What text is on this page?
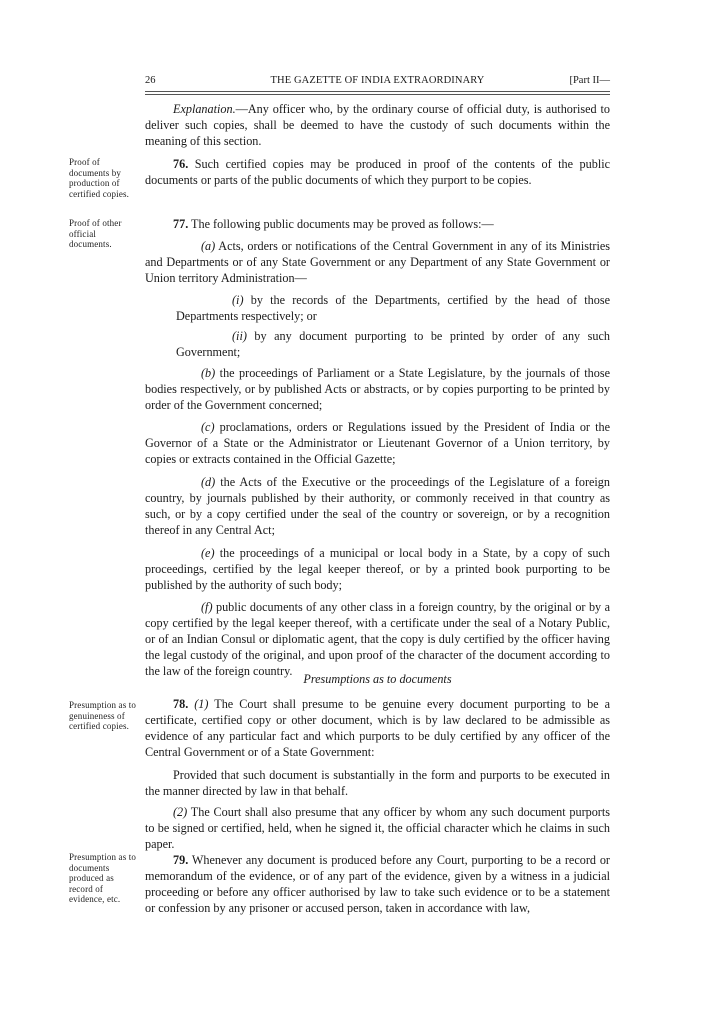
26	THE GAZETTE OF INDIA EXTRAORDINARY	[Part II—
Proof of documents by production of certified copies.
Proof of other official documents.
Presumption as to genuineness of certified copies.
Presumption as to documents produced as record of evidence, etc.

Explanation.—Any officer who, by the ordinary course of official duty, is authorised to deliver such copies, shall be deemed to have the custody of such documents within the meaning of this section.

76. Such certified copies may be produced in proof of the contents of the public documents or parts of the public documents of which they purport to be copies.

77. The following public documents may be proved as follows:—

(a) Acts, orders or notifications of the Central Government in any of its Ministries and Departments or of any State Government or any Department of any State Government or Union territory Administration—

(i) by the records of the Departments, certified by the head of those Departments respectively; or

(ii) by any document purporting to be printed by order of any such Government;

(b) the proceedings of Parliament or a State Legislature, by the journals of those bodies respectively, or by published Acts or abstracts, or by copies purporting to be printed by order of the Government concerned;

(c) proclamations, orders or Regulations issued by the President of India or the Governor of a State or the Administrator or Lieutenant Governor of a Union territory, by copies or extracts contained in the Official Gazette;

(d) the Acts of the Executive or the proceedings of the Legislature of a foreign country, by journals published by their authority, or commonly received in that country as such, or by a copy certified under the seal of the country or sovereign, or by a recognition thereof in any Central Act;

(e) the proceedings of a municipal or local body in a State, by a copy of such proceedings, certified by the legal keeper thereof, or by a printed book purporting to be published by the authority of such body;

(f) public documents of any other class in a foreign country, by the original or by a copy certified by the legal keeper thereof, with a certificate under the seal of a Notary Public, or of an Indian Consul or diplomatic agent, that the copy is duly certified by the officer having the legal custody of the original, and upon proof of the character of the document according to the law of the foreign country.

Presumptions as to documents

78. (1) The Court shall presume to be genuine every document purporting to be a certificate, certified copy or other document, which is by law declared to be admissible as evidence of any particular fact and which purports to be duly certified by any officer of the Central Government or of a State Government:

Provided that such document is substantially in the form and purports to be executed in the manner directed by law in that behalf.

(2) The Court shall also presume that any officer by whom any such document purports to be signed or certified, held, when he signed it, the official character which he claims in such paper.

79. Whenever any document is produced before any Court, purporting to be a record or memorandum of the evidence, or of any part of the evidence, given by a witness in a judicial proceeding or before any officer authorised by law to take such evidence or to be a statement or confession by any prisoner or accused person, taken in accordance with law,
